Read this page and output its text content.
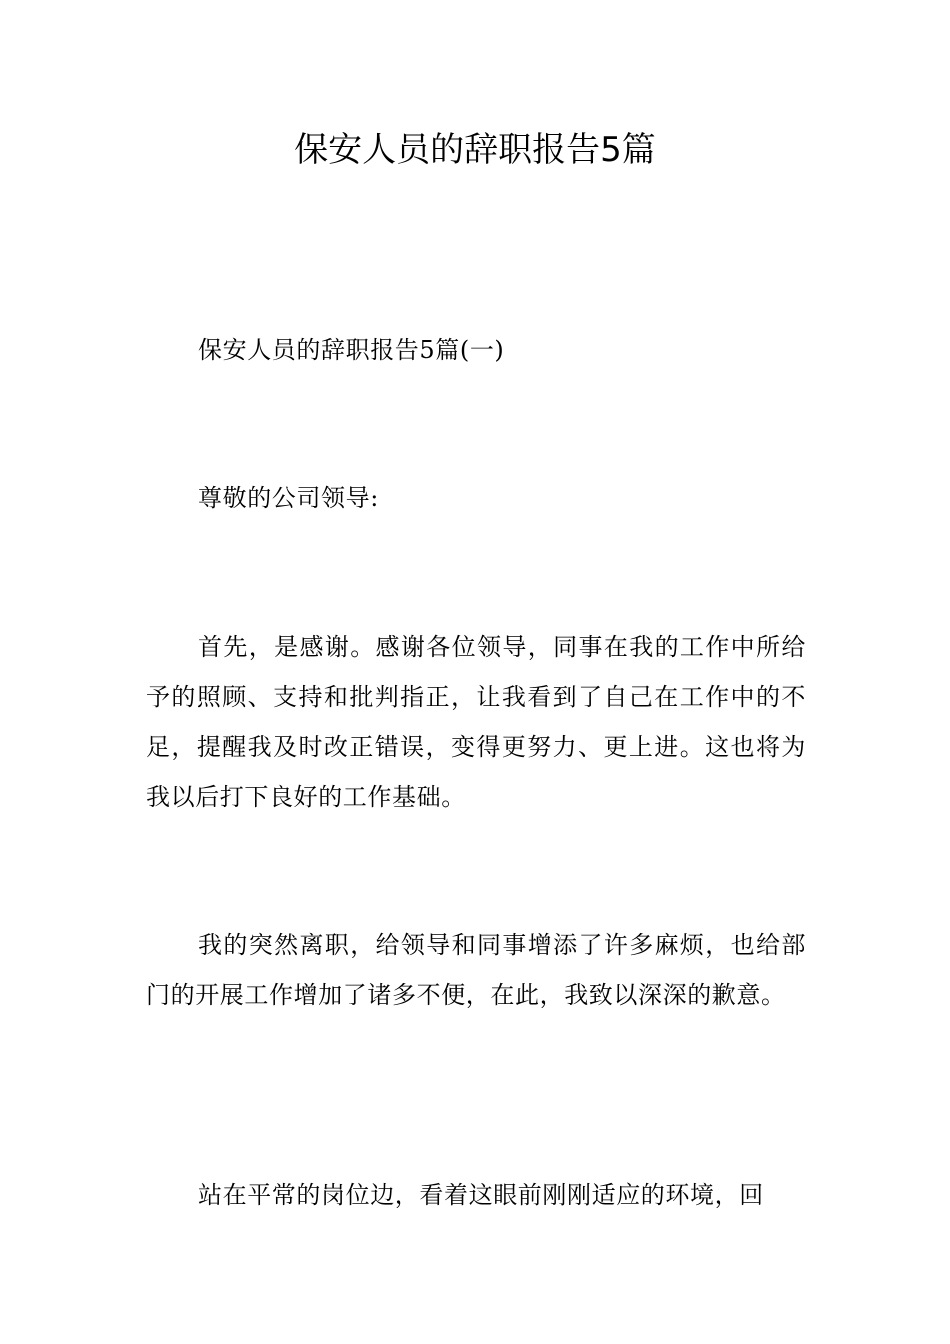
保安人员的辞职报告5篇

保安人员的辞职报告5篇(一)

尊敬的公司领导:

首先，是感谢。感谢各位领导，同事在我的工作中所给予的照顾、支持和批判指正，让我看到了自己在工作中的不足，提醒我及时改正错误，变得更努力、更上进。这也将为我以后打下良好的工作基础。

我的突然离职，给领导和同事增添了许多麻烦，也给部门的开展工作增加了诸多不便，在此，我致以深深的歉意。

站在平常的岗位边，看着这眼前刚刚适应的环境，回
